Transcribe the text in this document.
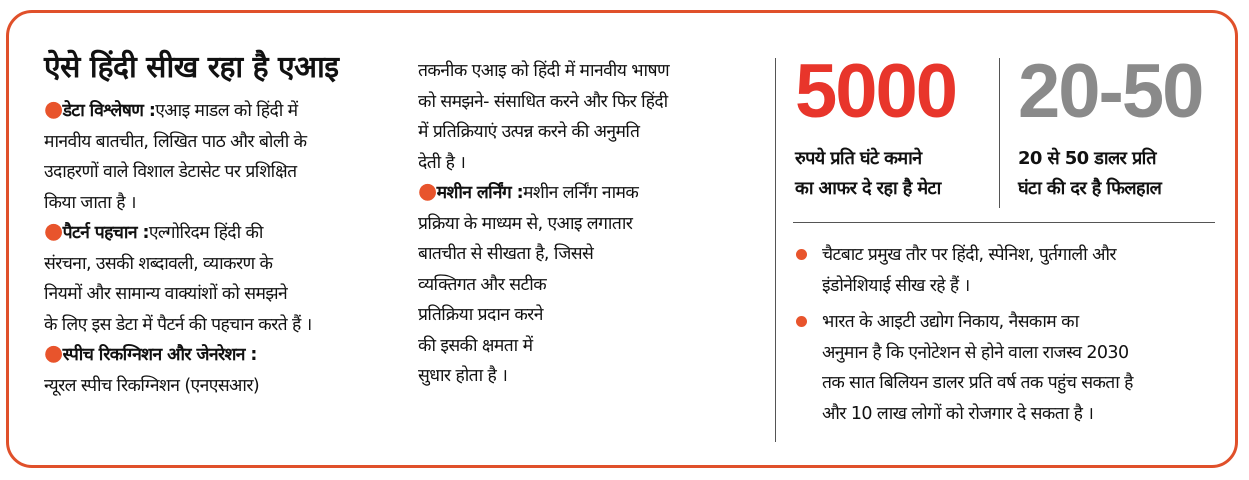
ऐसे हिंदी सीख रहा है एआइ
●डेटा विश्लेषण :एआइ माडल को हिंदी में
मानवीय बातचीत, लिखित पाठ और बोली के
उदाहरणों वाले विशाल डेटासेट पर प्रशिक्षित
किया जाता है ।
●पैटर्न पहचान :एल्गोरिदम हिंदी की
संरचना, उसकी शब्दावली, व्याकरण के
नियमों और सामान्य वाक्यांशों को समझने
के लिए इस डेटा में पैटर्न की पहचान करते हैं ।
●स्पीच रिकग्निशन और जेनरेशन :
न्यूरल स्पीच रिकग्निशन (एनएसआर)
तकनीक एआइ को हिंदी में मानवीय भाषण
को समझने- संसाधित करने और फिर हिंदी
में प्रतिक्रियाएं उत्पन्न करने की अनुमति
देती है ।
●मशीन लर्निंग :मशीन लर्निंग नामक
प्रक्रिया के माध्यम से, एआइ लगातार
बातचीत से सीखता है, जिससे
व्यक्तिगत और सटीक
प्रतिक्रिया प्रदान करने
की इसकी क्षमता में
सुधार होता है ।
5000
रुपये प्रति घंटे कमाने
का आफर दे रहा है मेटा
20-50
20 से 50 डालर प्रति
घंटा की दर है फिलहाल
चैटबाट प्रमुख तौर पर हिंदी, स्पेनिश, पुर्तगाली और
इंडोनेशियाई सीख रहे हैं ।
भारत के आइटी उद्योग निकाय, नैसकाम का
अनुमान है कि एनोटेशन से होने वाला राजस्व 2030
तक सात बिलियन डालर प्रति वर्ष तक पहुंच सकता है
और 10 लाख लोगों को रोजगार दे सकता है ।
